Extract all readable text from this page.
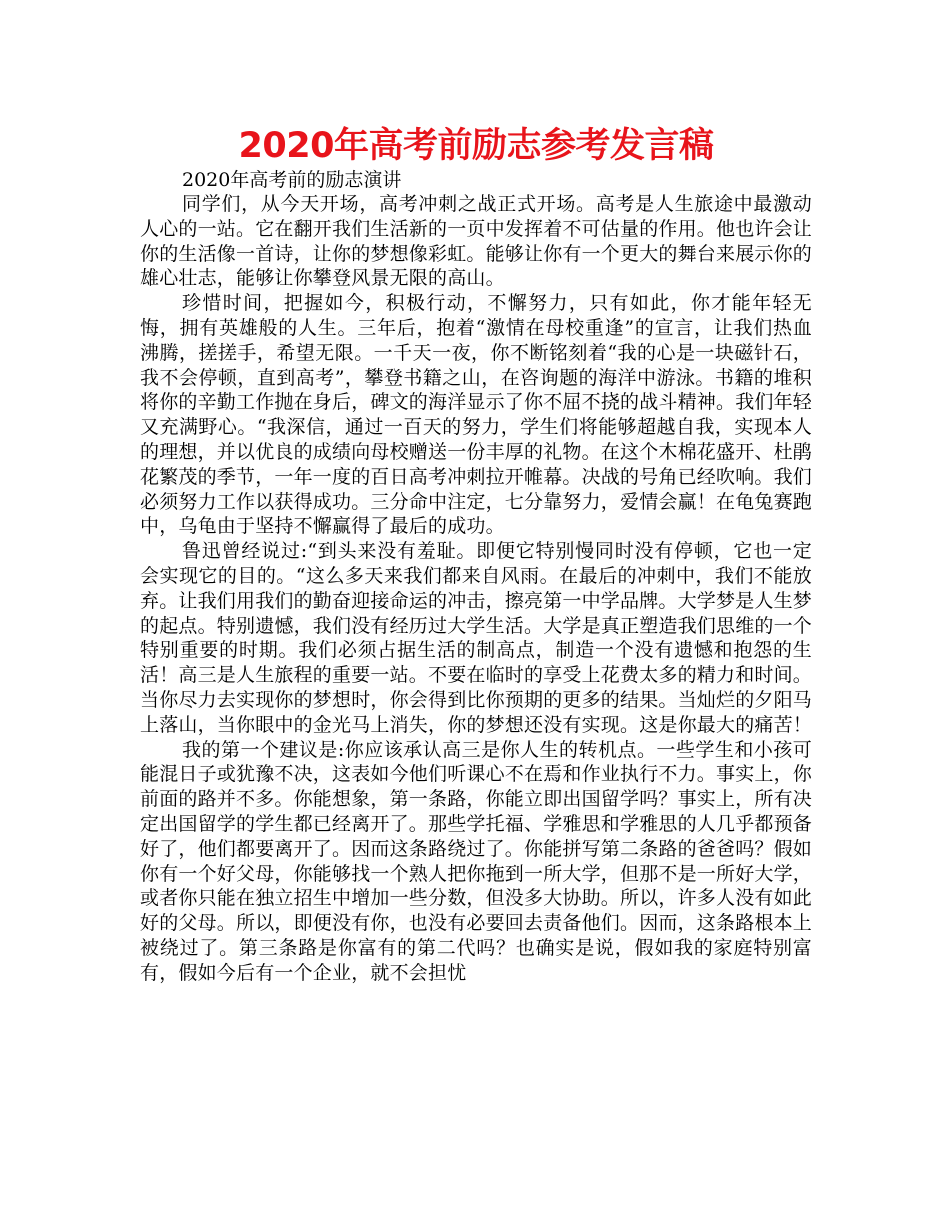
2020年高考前励志参考发言稿

2020年高考前的励志演讲

同学们，从今天开场，高考冲刺之战正式开场。高考是人生旅途中最激动人心的一站。它在翻开我们生活新的一页中发挥着不可估量的作用。他也许会让你的生活像一首诗，让你的梦想像彩虹。能够让你有一个更大的舞台来展示你的雄心壮志，能够让你攀登风景无限的高山。

珍惜时间，把握如今，积极行动，不懈努力，只有如此，你才能年轻无悔，拥有英雄般的人生。三年后，抱着“激情在母校重逢”的宣言，让我们热血沸腾，搓搓手，希望无限。一千天一夜，你不断铭刻着“我的心是一块磁针石，我不会停顿，直到高考”，攀登书籍之山，在咨询题的海洋中游泳。书籍的堆积将你的辛勤工作抛在身后，碑文的海洋显示了你不屈不挠的战斗精神。我们年轻又充满野心。“我深信，通过一百天的努力，学生们将能够超越自我，实现本人的理想，并以优良的成绩向母校赠送一份丰厚的礼物。在这个木棉花盛开、杜鹃花繁茂的季节，一年一度的百日高考冲刺拉开帷幕。决战的号角已经吹响。我们必须努力工作以获得成功。三分命中注定，七分靠努力，爱情会赢！在龟兔赛跑中，乌龟由于坚持不懈赢得了最后的成功。

鲁迅曾经说过:“到头来没有羞耻。即便它特别慢同时没有停顿，它也一定会实现它的目的。“这么多天来我们都来自风雨。在最后的冲刺中，我们不能放弃。让我们用我们的勤奋迎接命运的冲击，擦亮第一中学品牌。大学梦是人生梦的起点。特别遗憾，我们没有经历过大学生活。大学是真正塑造我们思维的一个特别重要的时期。我们必须占据生活的制高点，制造一个没有遗憾和抱怨的生活！高三是人生旅程的重要一站。不要在临时的享受上花费太多的精力和时间。当你尽力去实现你的梦想时，你会得到比你预期的更多的结果。当灿烂的夕阳马上落山，当你眼中的金光马上消失，你的梦想还没有实现。这是你最大的痛苦！

我的第一个建议是:你应该承认高三是你人生的转机点。一些学生和小孩可能混日子或犹豫不决，这表如今他们听课心不在焉和作业执行不力。事实上，你前面的路并不多。你能想象，第一条路，你能立即出国留学吗？事实上，所有决定出国留学的学生都已经离开了。那些学托福、学雅思和学雅思的人几乎都预备好了，他们都要离开了。因而这条路绕过了。你能拼写第二条路的爸爸吗？假如你有一个好父母，你能够找一个熟人把你拖到一所大学，但那不是一所好大学，或者你只能在独立招生中增加一些分数，但没多大协助。所以，许多人没有如此好的父母。所以，即便没有你，也没有必要回去责备他们。因而，这条路根本上被绕过了。第三条路是你富有的第二代吗？也确实是说，假如我的家庭特别富有，假如今后有一个企业，就不会担忧
